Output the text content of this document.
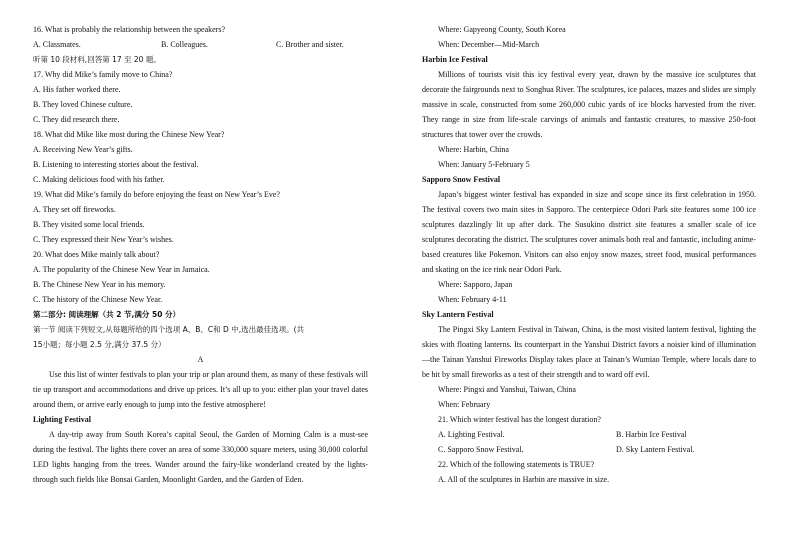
16. What is probably the relationship between the speakers?
A. Classmates.	B. Colleagues.	C. Brother and sister.
听第 10 段材料,回答第 17 至 20 题。
17. Why did Mike’s family move to China?
A. His father worked there.
B. They loved Chinese culture.
C. They did research there.
18. What did Mike like most during the Chinese New Year?
A. Receiving New Year’s gifts.
B. Listening to interesting stories about the festival.
C. Making delicious food with his father.
19. What did Mike’s family do before enjoying the feast on New Year’s Eve?
A. They set off fireworks.
B. They visited some local friends.
C. They expressed their New Year’s wishes.
20. What does Mike mainly talk about?
A. The popularity of the Chinese New Year in Jamaica.
B. The Chinese New Year in his memory.
C. The history of the Chinese New Year.
第二部分: 阅读理解（共 2 节,满分 50 分）
第一节 阅读下列短文,从每题所给的四个选项 A、B、C和 D 中,选出最佳选项。(共
15小题；每小题 2.5 分,满分 37.5 分）
A
Use this list of winter festivals to plan your trip or plan around them, as many of these festivals will tie up transport and accommodations and drive up prices. It’s all up to you: either plan your travel dates around them, or arrive early enough to jump into the festive atmosphere!
Lighting Festival
A day-trip away from South Korea’s capital Seoul, the Garden of Morning Calm is a must-see during the festival. The lights there cover an area of some 330,000 square meters, using 30,000 colorful LED lights hanging from the trees. Wander around the fairy-like wonderland created by the lights-through such fields like Bonsai Garden, Moonlight Garden, and the Garden of Eden.
Where: Gapyeong County, South Korea
When: December—Mid-March
Harbin Ice Festival
Millions of tourists visit this icy festival every year, drawn by the massive ice sculptures that decorate the fairgrounds next to Songhua River. The sculptures, ice palaces, mazes and slides are simply massive in scale, constructed from some 260,000 cubic yards of ice blocks harvested from the river. They range in size from life-scale carvings of animals and fantastic creatures, to massive 250-foot structures that tower over the crowds.
Where: Harbin, China
When: January 5-February 5
Sapporo Snow Festival
Japan’s biggest winter festival has expanded in size and scope since its first celebration in 1950. The festival covers two main sites in Sapporo. The centerpiece Odori Park site features some 100 ice sculptures dazzlingly lit up after dark. The Susukino district site features a smaller scale of ice sculptures decorating the district. The sculptures cover animals both real and fantastic, including anime-based creatures like Pokemon. Visitors can also enjoy snow mazes, street food, musical performances and skating on the ice rink near Odori Park.
Where: Sapporo, Japan
When: February 4-11
Sky Lantern Festival
The Pingxi Sky Lantern Festival in Taiwan, China, is the most visited lantern festival, lighting the skies with floating lanterns. Its counterpart in the Yanshui District favors a noisier kind of illumination —the Tainan Yanshui Fireworks Display takes place at Tainan’s Wumiao Temple, where locals dare to be hit by small fireworks as a test of their strength and to ward off evil.
Where: Pingxi and Yanshui, Taiwan, China
When: February
21. Which winter festival has the longest duration?
A. Lighting Festival.	B. Harbin Ice Festival
C. Sapporo Snow Festival.	D. Sky Lantern Festival.
22. Which of the following statements is TRUE?
A. All of the sculptures in Harbin are massive in size.
